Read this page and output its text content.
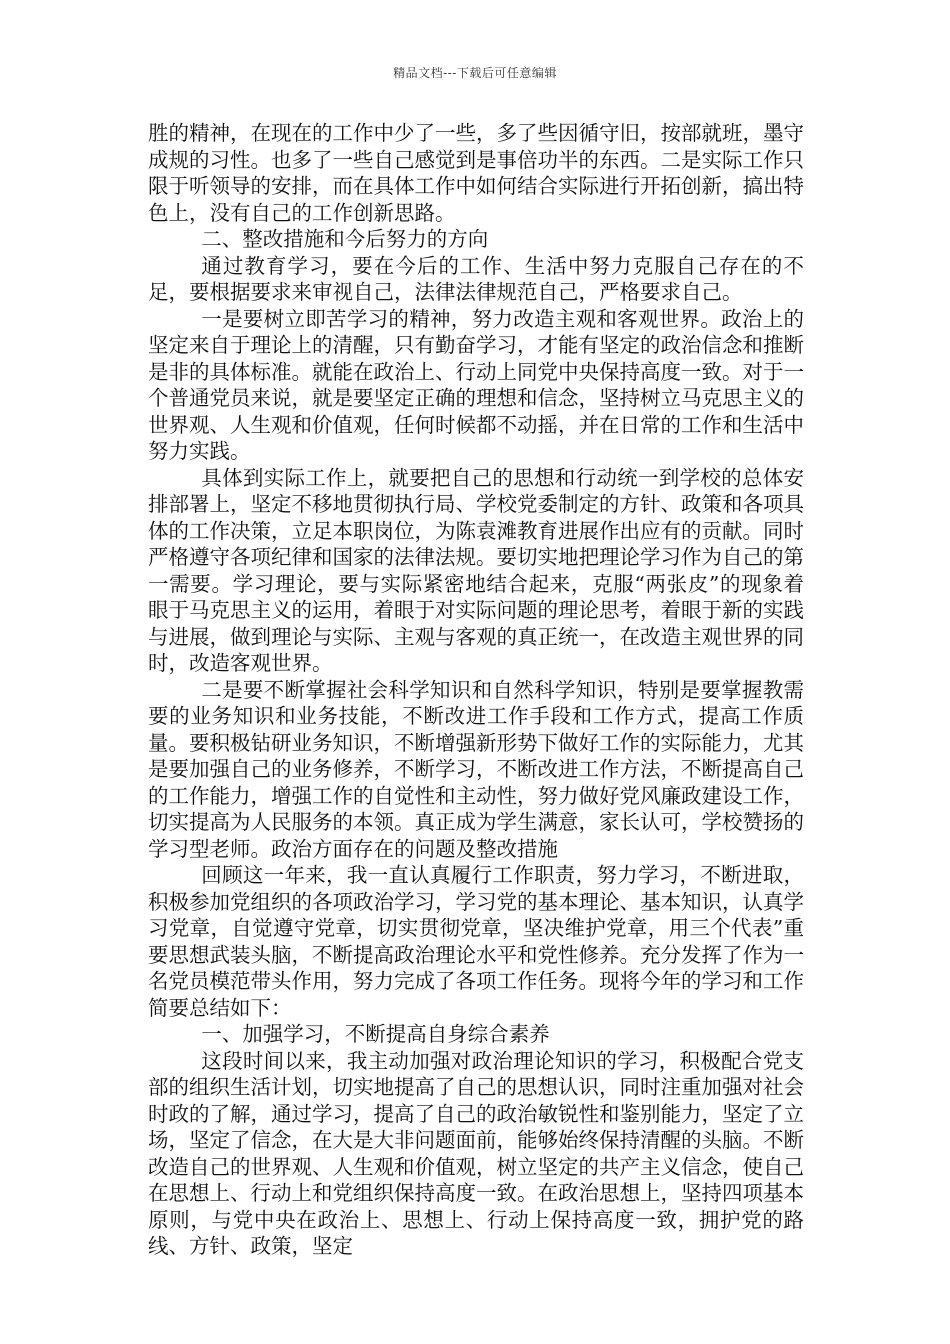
精品文档---下载后可任意编辑

胜的精神，在现在的工作中少了一些，多了些因循守旧，按部就班，墨守成规的习性。也多了一些自己感觉到是事倍功半的东西。二是实际工作只限于听领导的安排，而在具体工作中如何结合实际进行开拓创新，搞出特色上，没有自己的工作创新思路。

二、整改措施和今后努力的方向

通过教育学习，要在今后的工作、生活中努力克服自己存在的不足，要根据要求来审视自己，法律法律规范自己，严格要求自己。

一是要树立即苦学习的精神，努力改造主观和客观世界。政治上的坚定来自于理论上的清醒，只有勤奋学习，才能有坚定的政治信念和推断是非的具体标准。就能在政治上、行动上同党中央保持高度一致。对于一个普通党员来说，就是要坚定正确的理想和信念，坚持树立马克思主义的世界观、人生观和价值观，任何时候都不动摇，并在日常的工作和生活中努力实践。

具体到实际工作上，就要把自己的思想和行动统一到学校的总体安排部署上，坚定不移地贯彻执行局、学校党委制定的方针、政策和各项具体的工作决策，立足本职岗位，为陈袁滩教育进展作出应有的贡献。同时严格遵守各项纪律和国家的法律法规。要切实地把理论学习作为自己的第一需要。学习理论，要与实际紧密地结合起来，克服“两张皮”的现象着眼于马克思主义的运用，着眼于对实际问题的理论思考，着眼于新的实践与进展，做到理论与实际、主观与客观的真正统一，在改造主观世界的同时，改造客观世界。

二是要不断掌握社会科学知识和自然科学知识，特别是要掌握教需要的业务知识和业务技能，不断改进工作手段和工作方式，提高工作质量。要积极钻研业务知识，不断增强新形势下做好工作的实际能力，尤其是要加强自己的业务修养，不断学习，不断改进工作方法，不断提高自己的工作能力，增强工作的自觉性和主动性，努力做好党风廉政建设工作，切实提高为人民服务的本领。真正成为学生满意，家长认可，学校赞扬的学习型老师。政治方面存在的问题及整改措施

回顾这一年来，我一直认真履行工作职责，努力学习，不断进取，积极参加党组织的各项政治学习，学习党的基本理论、基本知识，认真学习党章，自觉遵守党章，切实贯彻党章，坚决维护党章，用三个代表”重要思想武装头脑，不断提高政治理论水平和党性修养。充分发挥了作为一名党员模范带头作用，努力完成了各项工作任务。现将今年的学习和工作简要总结如下：

一、加强学习，不断提高自身综合素养

这段时间以来，我主动加强对政治理论知识的学习，积极配合党支部的组织生活计划，切实地提高了自己的思想认识，同时注重加强对社会时政的了解，通过学习，提高了自己的政治敏锐性和鉴别能力，坚定了立场，坚定了信念，在大是大非问题面前，能够始终保持清醒的头脑。不断改造自己的世界观、人生观和价值观，树立坚定的共产主义信念，使自己在思想上、行动上和党组织保持高度一致。在政治思想上，坚持四项基本原则，与党中央在政治上、思想上、行动上保持高度一致，拥护党的路线、方针、政策，坚定
